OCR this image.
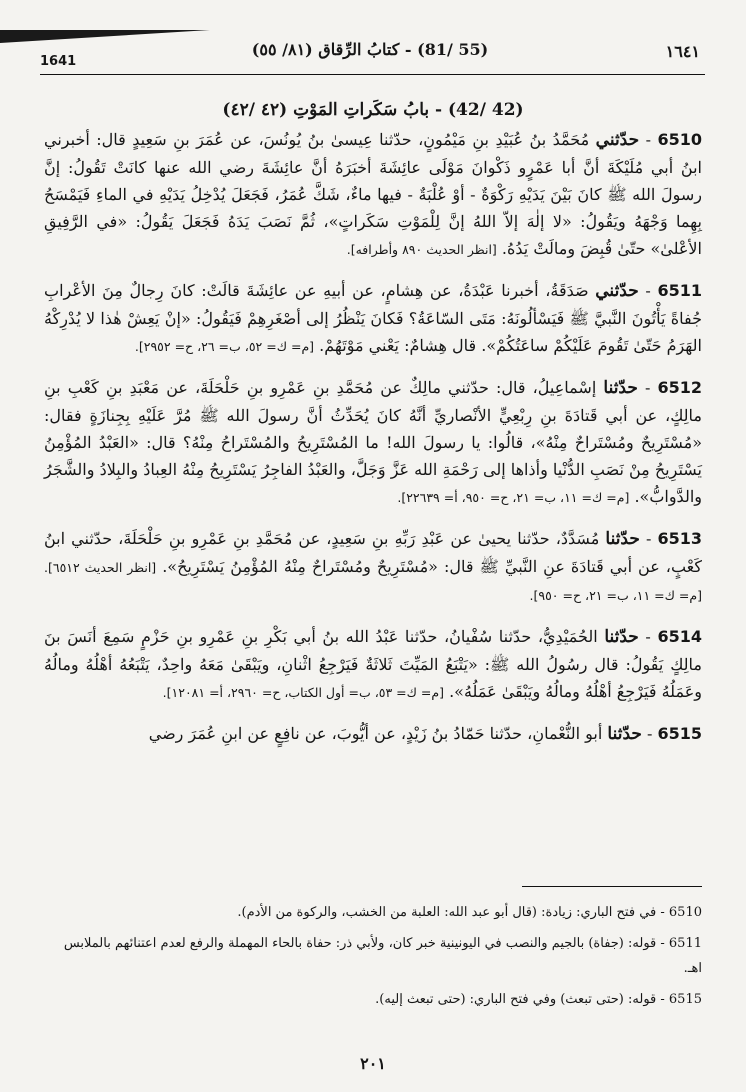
1641
(55 /81) - كتابُ الرِّقاق (٨١/ ٥٥)	١٦٤١
(42 /42) - بابُ سَكَراتِ المَوْتِ (٤٢ /٤٢)

6510 - حدّثني مُحَمَّدُ بنُ عُبَيْدِ بنِ مَيْمُونٍ، حدّثنا عِيسىٰ بنُ يُونُسَ، عن عُمَرَ بنِ سَعِيدٍ قال: أخبرني ابنُ أبي مُلَيْكَةَ أنَّ أبا عَمْرٍو ذَكْوانَ مَوْلَى عائِشَةَ أخبَرَهُ أنَّ عائِشَةَ رضي الله عنها كانَتْ تَقُولُ: إنَّ رسولَ الله ﷺ كانَ بَيْنَ يَدَيْهِ رَكْوَةٌ - أوْ عُلْبَةٌ - فيها ماءٌ، شَكَّ عُمَرُ، فَجَعَلَ يُدْخِلُ يَدَيْهِ في الماءِ فَيَمْسَحُ بِهِما وَجْهَهُ ويَقُولُ: «لا إلٰهَ إلاّ اللهُ إنَّ لِلْمَوْتِ سَكَراتٍ»، ثُمَّ نَصَبَ يَدَهُ فَجَعَلَ يَقُولُ: «في الرَّفِيقِ الأعْلىٰ» حتّىٰ قُبِضَ ومالَتْ يَدُهُ. [انظر الحديث ٨٩٠ وأطرافه].

6511 - حدّثني صَدَقَةُ، أخبرنا عَبْدَةُ، عن هِشامٍ، عن أبيهِ عن عائِشَةَ قالَتْ: كانَ رِجالٌ مِنَ الأعْرابِ جُفاةً يَأْتُونَ النَّبيَّ ﷺ فَيَسْألُونَهُ: مَتَى السّاعَةُ؟ فَكانَ يَنْظُرُ إلى أصْغَرِهِمْ فَيَقُولُ: «إنْ يَعِشْ هٰذا لا يُدْرِكْهُ الهَرَمُ حَتّىٰ تَقُومَ عَلَيْكُمْ ساعَتُكُمْ». قال هِشامٌ: يَعْني مَوْتَهُمْ. [م= ك= ٥٢، ب= ٢٦، ح= ٢٩٥٢].

6512 - حدّثنا إسْماعِيلُ، قال: حدّثني مالِكٌ عن مُحَمَّدِ بنِ عَمْرِو بنِ حَلْحَلَةَ، عن مَعْبَدِ بنِ كَعْبِ بنِ مالِكٍ، عن أبي قَتادَةَ بنِ رِبْعِيٍّ الأنْصاريِّ أنَّهُ كانَ يُحَدِّثُ أنَّ رسولَ الله ﷺ مُرَّ عَلَيْهِ بِجِنازَةٍ فقال: «مُسْتَرِيحٌ ومُسْتَراحٌ مِنْهُ»، قالُوا: يا رسولَ الله! ما المُسْتَرِيحُ والمُسْتَراحُ مِنْهُ؟ قال: «العَبْدُ المُؤْمِنُ يَسْتَرِيحُ مِنْ نَصَبِ الدُّنْيا وأذاها إلى رَحْمَةِ الله عَزَّ وَجَلَّ، والعَبْدُ الفاجِرُ يَسْتَرِيحُ مِنْهُ العِبادُ والبِلادُ والشَّجَرُ والدَّوابُّ». [م= ك= ١١، ب= ٢١، ح= ٩٥٠، أ= ٢٢٦٣٩].

6513 - حدّثنا مُسَدَّدٌ، حدّثنا يحيىٰ عن عَبْدِ رَبِّهِ بنِ سَعِيدٍ، عن مُحَمَّدِ بنِ عَمْرِو بنِ حَلْحَلَةَ، حدّثني ابنُ كَعْبٍ، عن أبي قَتادَةَ عنِ النَّبيِّ ﷺ قال: «مُسْتَرِيحٌ ومُسْتَراحٌ مِنْهُ المُؤْمِنُ يَسْتَرِيحُ». [انظر الحديث ٦٥١٢]. [م= ك= ١١، ب= ٢١، ح= ٩٥٠].

6514 - حدّثنا الحُمَيْدِيُّ، حدّثنا سُفْيانُ، حدّثنا عَبْدُ الله بنُ أبي بَكْرِ بنِ عَمْرِو بنِ حَزْمٍ سَمِعَ أنَسَ بنَ مالِكٍ يَقُولُ: قال رسُولُ الله ﷺ: «يَتْبَعُ المَيِّتَ ثَلاثَةٌ فَيَرْجِعُ اثْنانِ، ويَبْقَىٰ مَعَهُ واحِدٌ، يَتْبَعُهُ أهْلُهُ ومالُهُ وعَمَلُهُ فَيَرْجِعُ أهْلُهُ ومالُهُ ويَبْقَىٰ عَمَلُهُ». [م= ك= ٥٣، ب= أول الكتاب، ح= ٢٩٦٠، أ= ١٢٠٨١].

6515 - حدّثنا أبو النُّعْمانِ، حدّثنا حَمّادُ بنُ زَيْدٍ، عن أيُّوبَ، عن نافِعٍ عن ابنِ عُمَرَ رضي

6510 - في فتح الباري: زيادة: (قال أبو عبد الله: العلبة من الخشب، والركوة من الأدم).

6511 - قوله: (جفاة) بالجيم والنصب في اليونينية خبر كان، ولأبي ذر: حفاة بالحاء المهملة والرفع لعدم اعتنائهم بالملابس اهـ.

6515 - قوله: (حتى تبعث) وفي فتح الباري: (حتى تبعث إليه).

٢٠١
